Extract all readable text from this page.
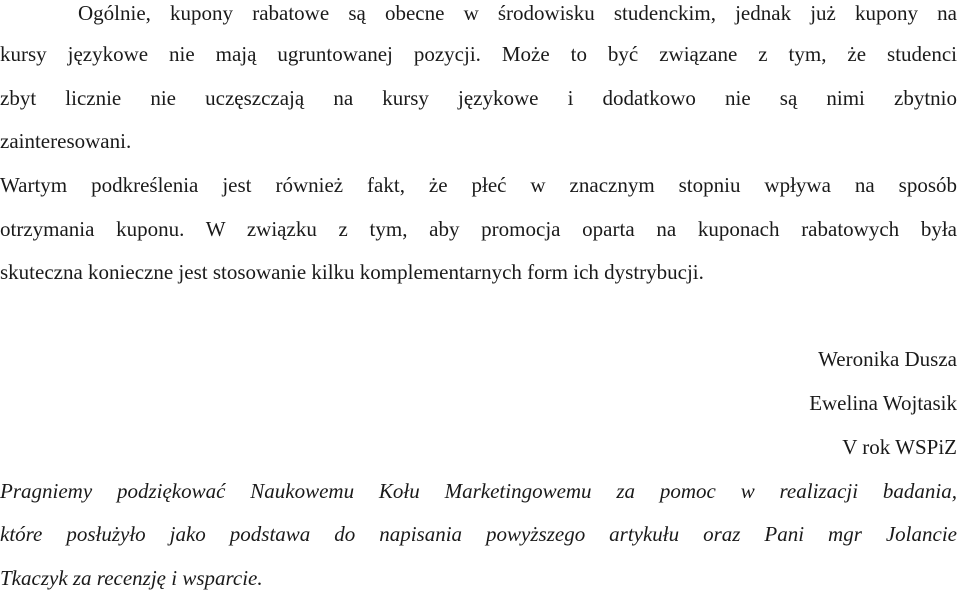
Ogólnie, kupony rabatowe są obecne w środowisku studenckim, jednak już kupony na
kursy językowe nie mają ugruntowanej pozycji. Może to być związane z tym, że studenci
zbyt licznie nie uczęszczają na kursy językowe i dodatkowo nie są nimi zbytnio
zainteresowani.
Wartym podkreślenia jest również fakt, że płeć w znacznym stopniu wpływa na sposób
otrzymania kuponu. W związku z tym, aby promocja oparta na kuponach rabatowych była
skuteczna konieczne jest stosowanie kilku komplementarnych form ich dystrybucji.
Weronika Dusza
Ewelina Wojtasik
V rok WSPiZ
Pragniemy podziękować Naukowemu Kołu Marketingowemu za pomoc w realizacji badania,
które posłużyło jako podstawa do napisania powyższego artykułu oraz Pani mgr Jolancie
Tkaczyk za recenzję i wsparcie.
